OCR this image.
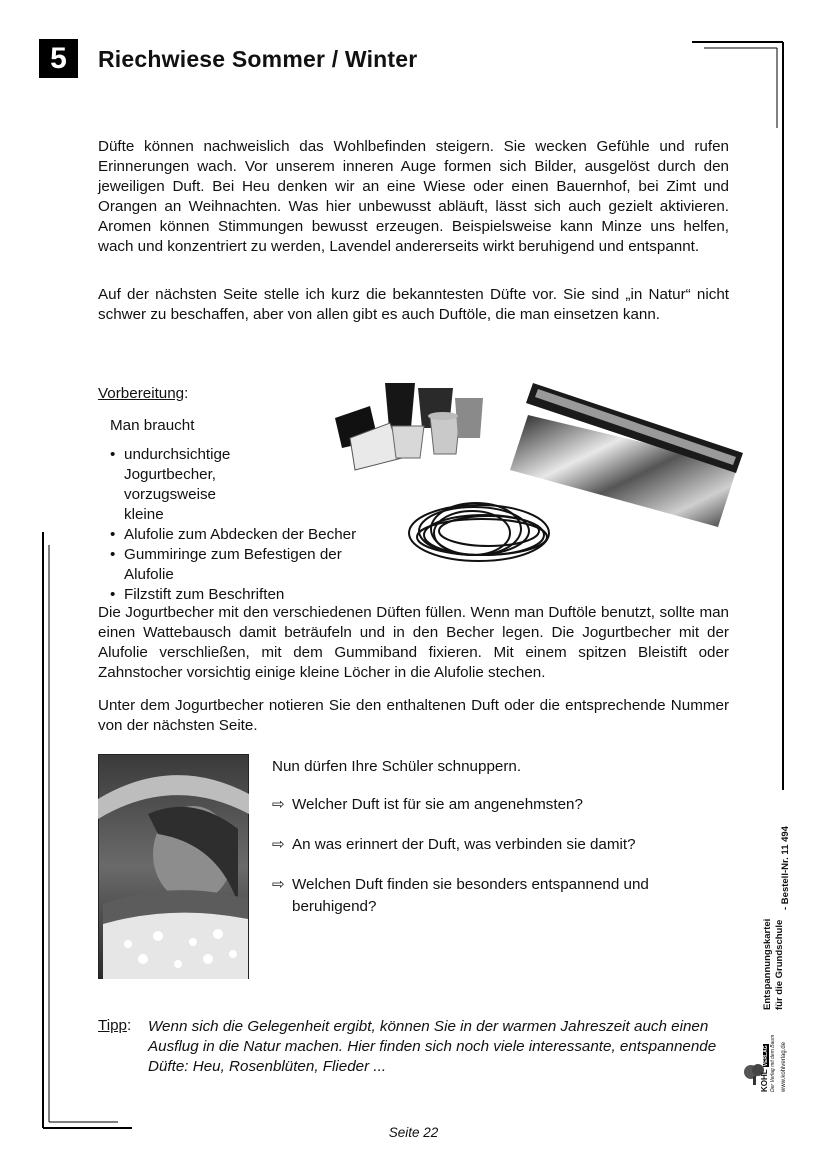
5	Riechwiese Sommer / Winter

Düfte können nachweislich das Wohlbefinden steigern. Sie wecken Gefühle und rufen Erinnerungen wach. Vor unserem inneren Auge formen sich Bilder, ausgelöst durch den jeweiligen Duft. Bei Heu denken wir an eine Wiese oder einen Bauernhof, bei Zimt und Orangen an Weihnachten. Was hier unbewusst abläuft, lässt sich auch gezielt aktivieren. Aromen können Stimmungen bewusst erzeugen. Beispielsweise kann Minze uns helfen, wach und konzentriert zu werden, Lavendel andererseits wirkt beruhigend und entspannt.

Auf der nächsten Seite stelle ich kurz die bekanntesten Düfte vor. Sie sind „in Natur“ nicht schwer zu beschaffen, aber von allen gibt es auch Duftöle, die man einsetzen kann.

Vorbereitung:
Man braucht
• undurchsichtige Jogurtbecher, vorzugsweise kleine
• Alufolie zum Abdecken der Becher
• Gummiringe zum Befestigen der Alufolie
• Filzstift zum Beschriften

Die Jogurtbecher mit den verschiedenen Düften füllen. Wenn man Duftöle benutzt, sollte man einen Wattebausch damit beträufeln und in den Becher legen. Die Jogurtbecher mit der Alufolie verschließen, mit dem Gummiband fixieren. Mit einem spitzen Bleistift oder Zahnstocher vorsichtig einige kleine Löcher in die Alufolie stechen.

Unter dem Jogurtbecher notieren Sie den enthaltenen Duft oder die entsprechende Nummer von der nächsten Seite.

Nun dürfen Ihre Schüler schnuppern.
⇨ Welcher Duft ist für sie am angenehmsten?
⇨ An was erinnert der Duft, was verbinden sie damit?
⇨ Welchen Duft finden sie besonders entspannend und beruhigend?
Tipp: Wenn sich die Gelegenheit ergibt, können Sie in der warmen Jahreszeit auch einen Ausflug in die Natur machen. Hier finden sich noch viele interessante, entspannende Düfte: Heu, Rosenblüten, Flieder ...
Seite 22
Entspannungskartei für die Grundschule
- Bestell-Nr. 11 494
KOHL VERLAG Der Verlag mit dem Baum www.kohlverlag.de
